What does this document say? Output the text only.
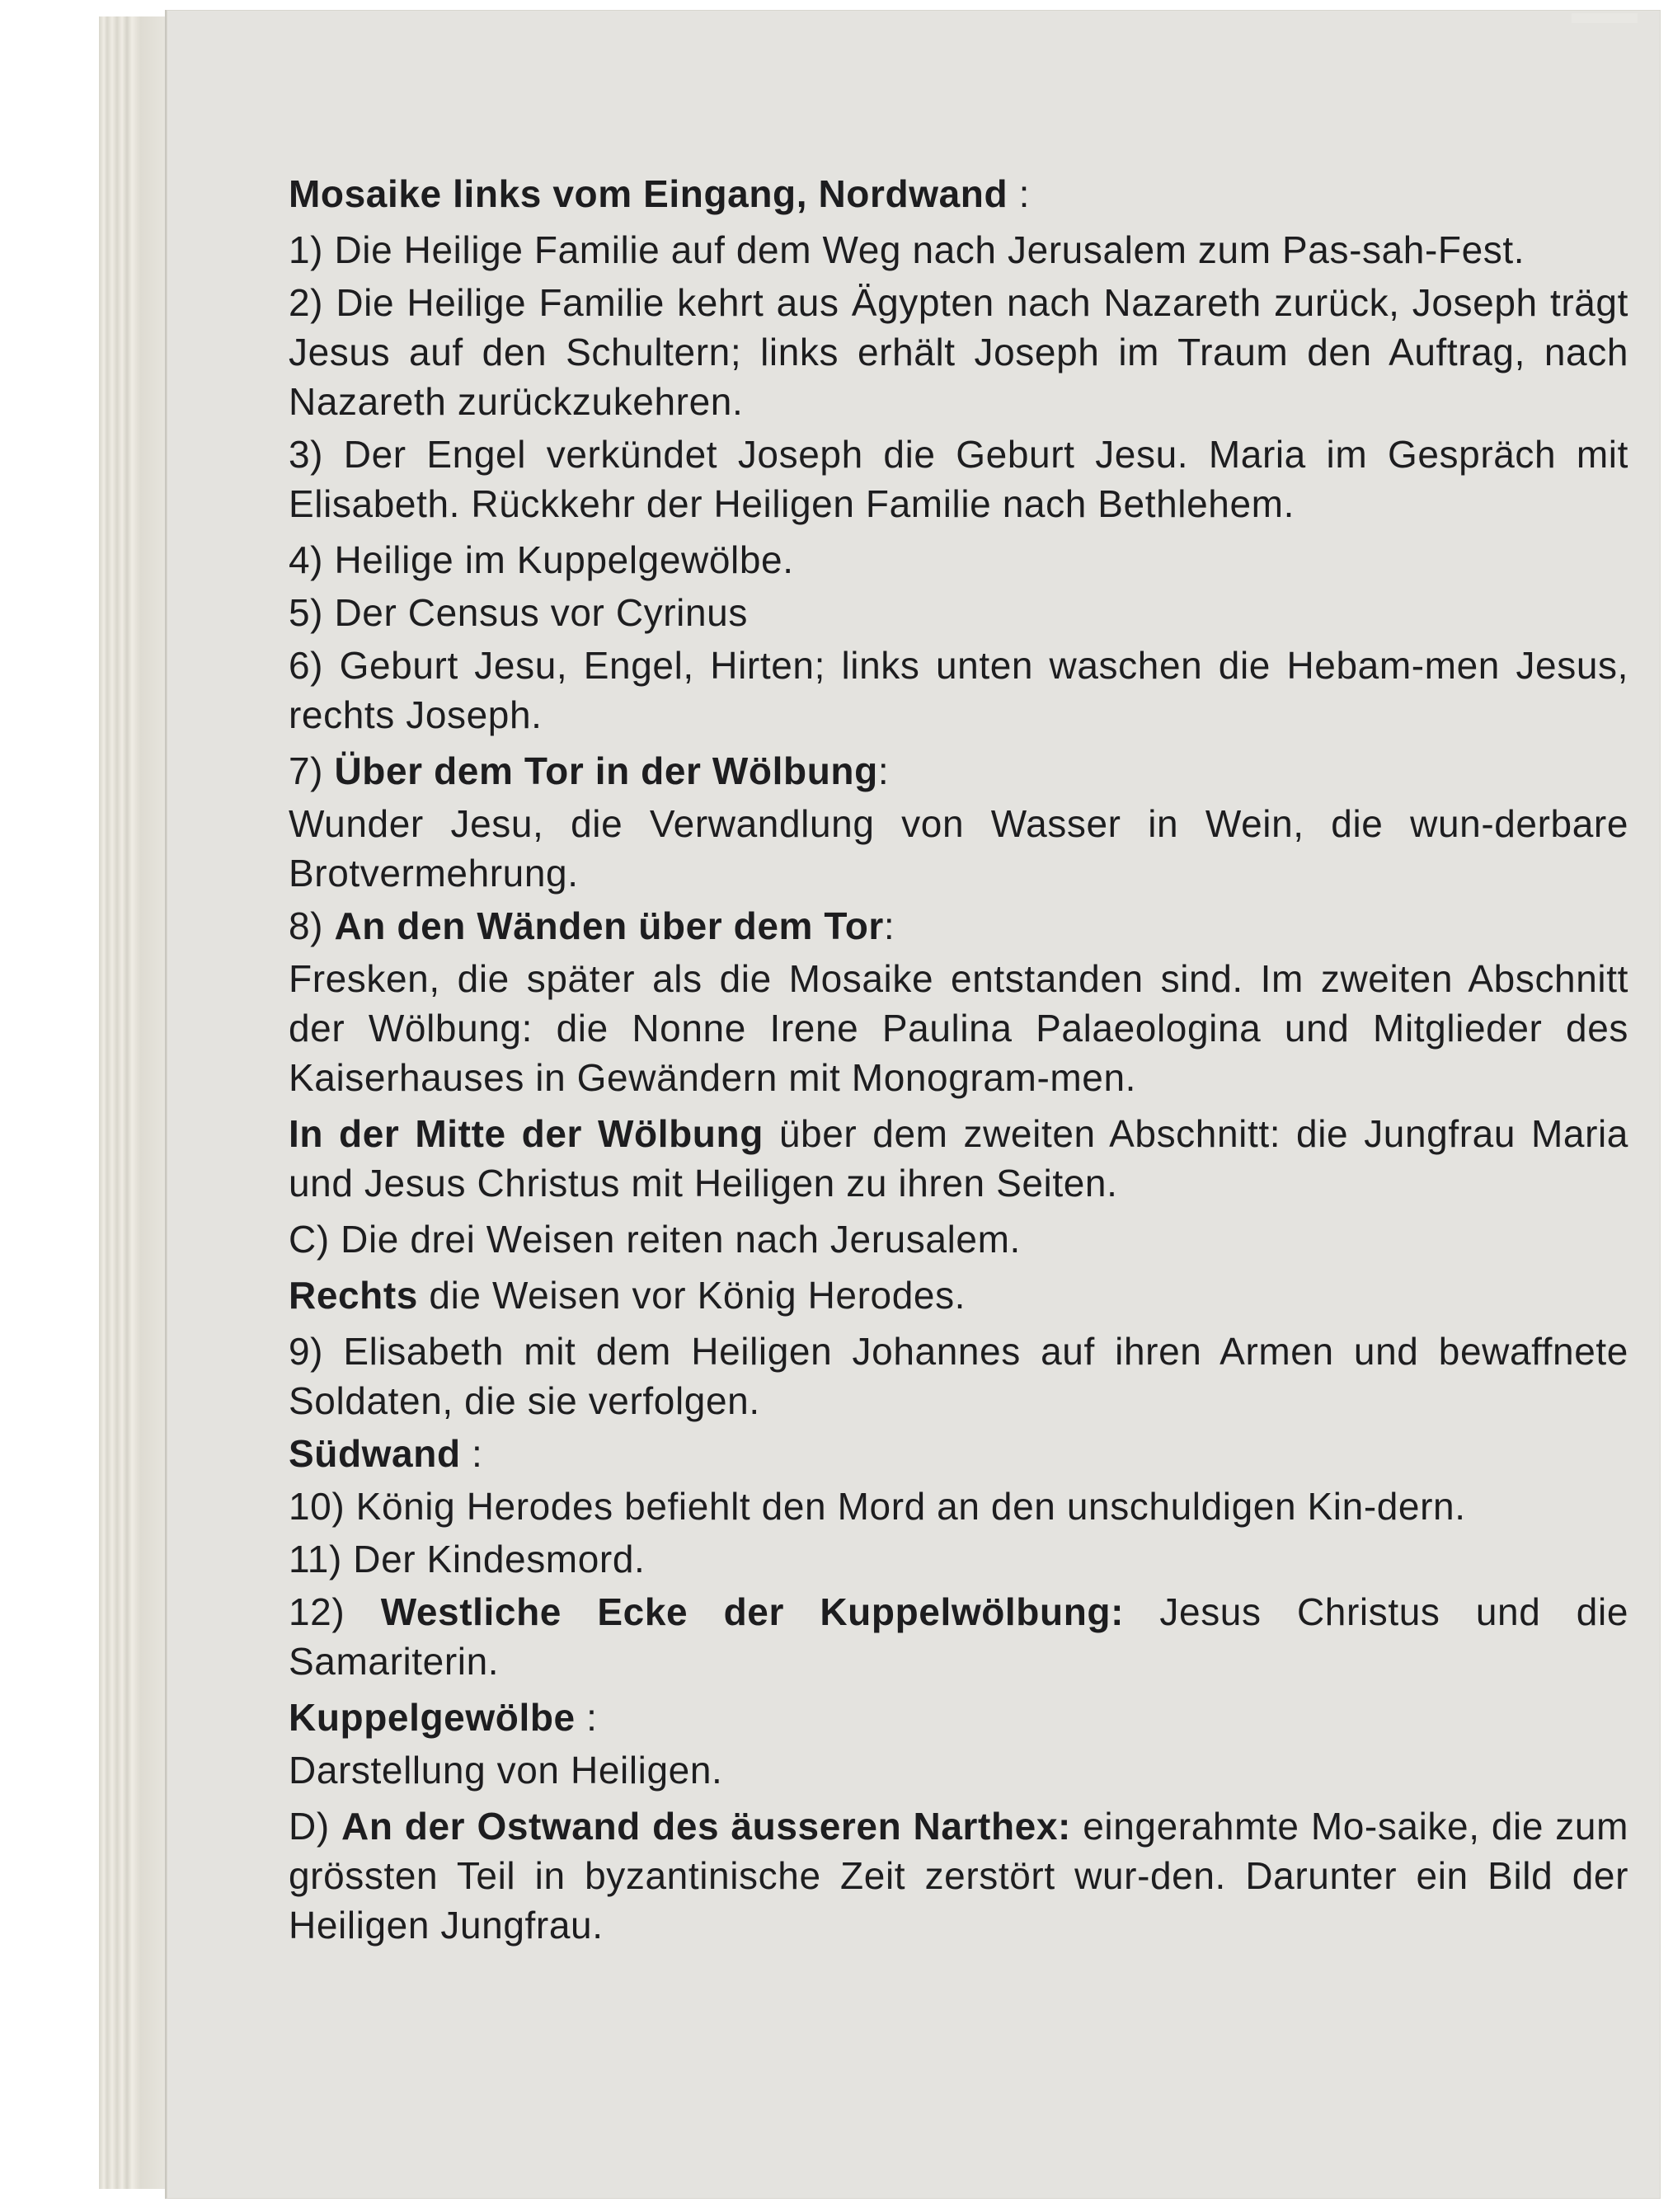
Mosaike links vom Eingang, Nordwand :

1) Die Heilige Familie auf dem Weg nach Jerusalem zum Pas-sah-Fest.

2) Die Heilige Familie kehrt aus Ägypten nach Nazareth zurück, Joseph trägt Jesus auf den Schultern; links erhält Joseph im Traum den Auftrag, nach Nazareth zurückzukehren.

3) Der Engel verkündet Joseph die Geburt Jesu. Maria im Gespräch mit Elisabeth. Rückkehr der Heiligen Familie nach Bethlehem.

4) Heilige im Kuppelgewölbe.

5) Der Census vor Cyrinus

6) Geburt Jesu, Engel, Hirten; links unten waschen die Hebam-men Jesus, rechts Joseph.

7) Über dem Tor in der Wölbung:

Wunder Jesu, die Verwandlung von Wasser in Wein, die wun-derbare Brotvermehrung.

8) An den Wänden über dem Tor:

Fresken, die später als die Mosaike entstanden sind. Im zweiten Abschnitt der Wölbung: die Nonne Irene Paulina Palaeologina und Mitglieder des Kaiserhauses in Gewändern mit Monogram-men.

In der Mitte der Wölbung über dem zweiten Abschnitt: die Jungfrau Maria und Jesus Christus mit Heiligen zu ihren Seiten.

C) Die drei Weisen reiten nach Jerusalem.

Rechts die Weisen vor König Herodes.

9) Elisabeth mit dem Heiligen Johannes auf ihren Armen und bewaffnete Soldaten, die sie verfolgen.

Südwand :

10) König Herodes befiehlt den Mord an den unschuldigen Kin-dern.

11) Der Kindesmord.

12) Westliche Ecke der Kuppelwölbung: Jesus Christus und die Samariterin.

Kuppelgewölbe :

Darstellung von Heiligen.

D) An der Ostwand des äusseren Narthex: eingerahmte Mo-saike, die zum grössten Teil in byzantinische Zeit zerstört wur-den. Darunter ein Bild der Heiligen Jungfrau.
